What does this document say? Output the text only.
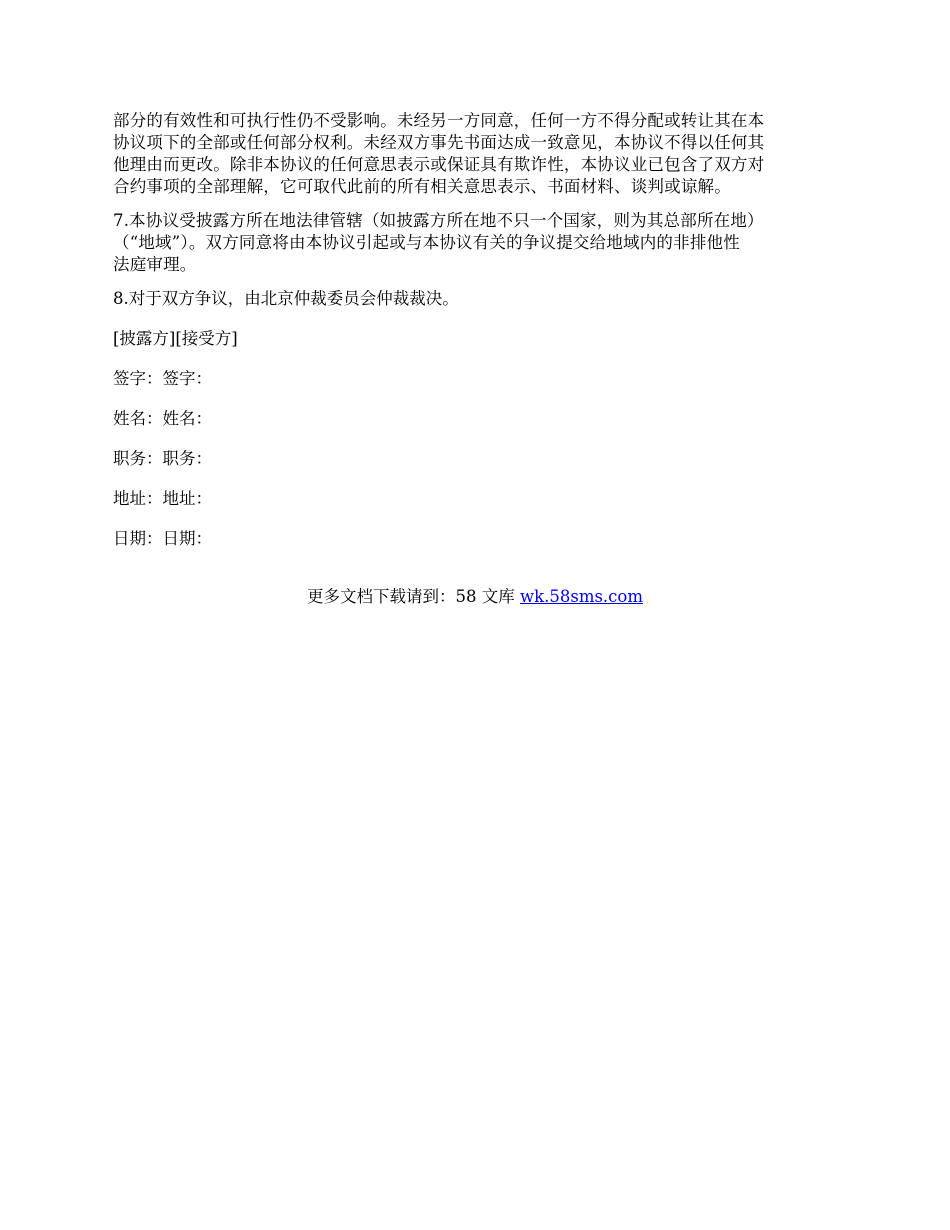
部分的有效性和可执行性仍不受影响。未经另一方同意，任何一方不得分配或转让其在本
协议项下的全部或任何部分权利。未经双方事先书面达成一致意见，本协议不得以任何其
他理由而更改。除非本协议的任何意思表示或保证具有欺诈性，本协议业已包含了双方对
合约事项的全部理解，它可取代此前的所有相关意思表示、书面材料、谈判或谅解。

7.本协议受披露方所在地法律管辖（如披露方所在地不只一个国家，则为其总部所在地）
（“地域”）。双方同意将由本协议引起或与本协议有关的争议提交给地域内的非排他性
法庭审理。

8.对于双方争议，由北京仲裁委员会仲裁裁决。

[披露方][接受方]

签字：签字：

姓名：姓名：

职务：职务：

地址：地址：

日期：日期：

更多文档下载请到：58 文库 wk.58sms.com
